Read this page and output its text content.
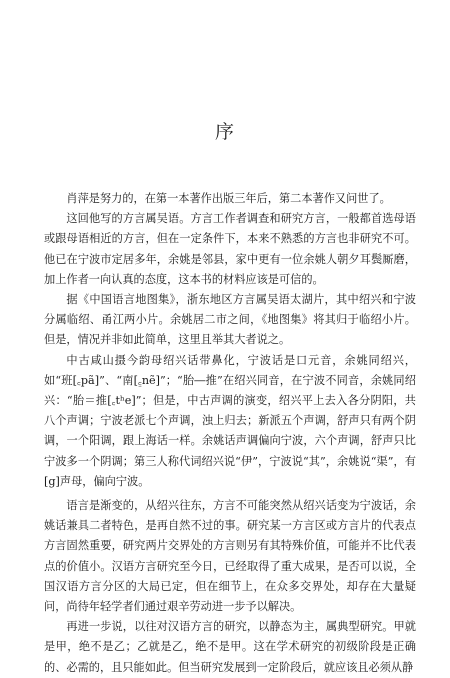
序

肖萍是努力的，在第一本著作出版三年后，第二本著作又问世了。

这回他写的方言属吴语。方言工作者调查和研究方言，一般都首选母语或跟母语相近的方言，但在一定条件下，本来不熟悉的方言也非研究不可。他已在宁波市定居多年，余姚是邻县，家中更有一位余姚人朝夕耳鬓厮磨，加上作者一向认真的态度，这本书的材料应该是可信的。

据《中国语言地图集》，浙东地区方言属吴语太湖片，其中绍兴和宁波分属临绍、甬江两小片。余姚居二市之间，《地图集》将其归于临绍小片。但是，情况并非如此简单，这里且举其大者说之。

中古咸山摄今韵母绍兴话带鼻化，宁波话是口元音，余姚同绍兴，如“班[꜀pã]”、“南[꜁nẽ]”；“胎―推”在绍兴同音，在宁波不同音，余姚同绍兴：“胎＝推[꜀tʰe]”；但是，中古声调的演变，绍兴平上去入各分阴阳，共八个声调；宁波老派七个声调，浊上归去；新派五个声调，舒声只有两个阴调，一个阳调，跟上海话一样。余姚话声调偏向宁波，六个声调，舒声只比宁波多一个阴调；第三人称代词绍兴说“伊”，宁波说“其”，余姚说“渠”，有[g]声母，偏向宁波。

语言是渐变的，从绍兴往东，方言不可能突然从绍兴话变为宁波话，余姚话兼具二者特色，是再自然不过的事。研究某一方言区或方言片的代表点方言固然重要，研究两片交界处的方言则另有其特殊价值，可能并不比代表点的价值小。汉语方言研究至今日，已经取得了重大成果，是否可以说，全国汉语方言分区的大局已定，但在细节上，在众多交界处，却存在大量疑问，尚待年轻学者们通过艰辛劳动进一步予以解决。

再进一步说，以往对汉语方言的研究，以静态为主，属典型研究。甲就是甲，绝不是乙；乙就是乙，绝不是甲。这在学术研究的初级阶段是正确的、必需的，且只能如此。但当研究发展到一定阶段后，就应该且必须从静
